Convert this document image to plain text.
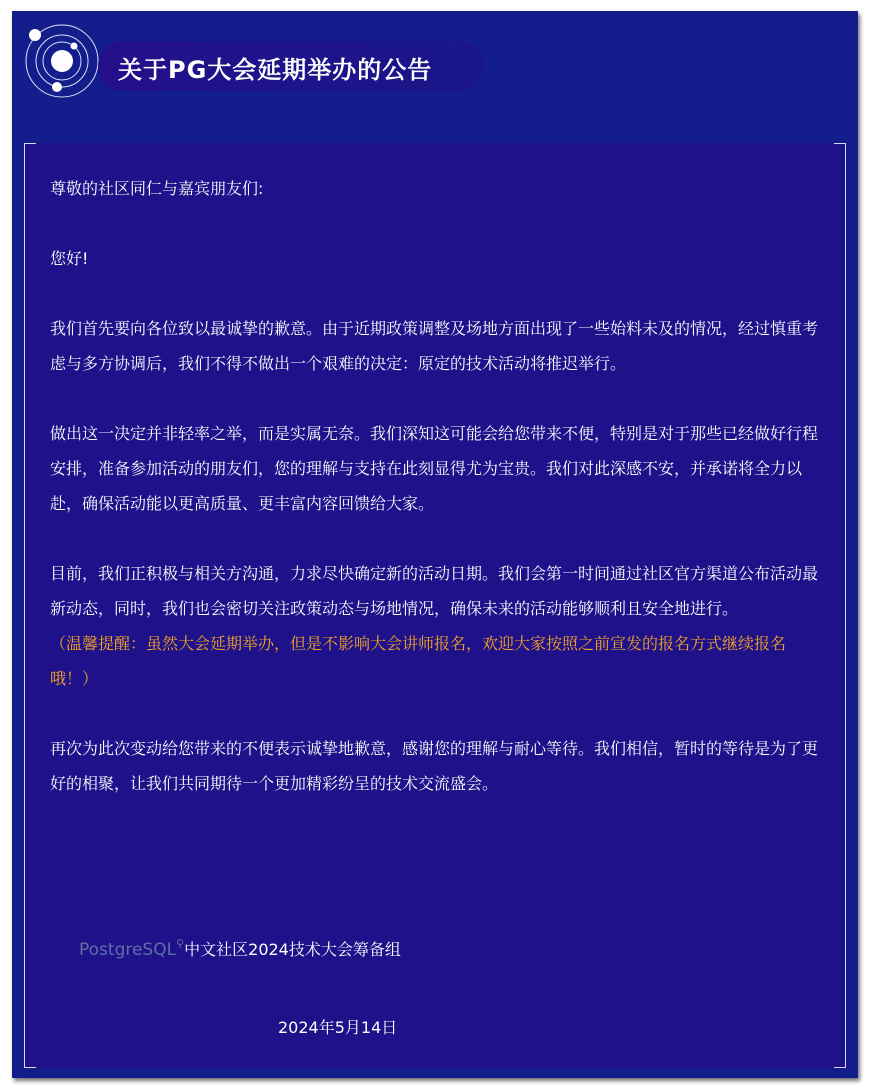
关于PG大会延期举办的公告

尊敬的社区同仁与嘉宾朋友们:

您好!

我们首先要向各位致以最诚挚的歉意。由于近期政策调整及场地方面出现了一些始料未及的情况，经过慎重考虑与多方协调后，我们不得不做出一个艰难的决定：原定的技术活动将推迟举行。

做出这一决定并非轻率之举，而是实属无奈。我们深知这可能会给您带来不便，特别是对于那些已经做好行程安排，准备参加活动的朋友们，您的理解与支持在此刻显得尤为宝贵。我们对此深感不安，并承诺将全力以赴，确保活动能以更高质量、更丰富内容回馈给大家。

目前，我们正积极与相关方沟通，力求尽快确定新的活动日期。我们会第一时间通过社区官方渠道公布活动最新动态，同时，我们也会密切关注政策动态与场地情况，确保未来的活动能够顺利且安全地进行。

（温馨提醒：虽然大会延期举办，但是不影响大会讲师报名，欢迎大家按照之前宣发的报名方式继续报名哦！）

再次为此次变动给您带来的不便表示诚挚地歉意，感谢您的理解与耐心等待。我们相信，暂时的等待是为了更好的相聚，让我们共同期待一个更加精彩纷呈的技术交流盛会。

PostgreSQL⚲中文社区2024技术大会筹备组
2024年5月14日
